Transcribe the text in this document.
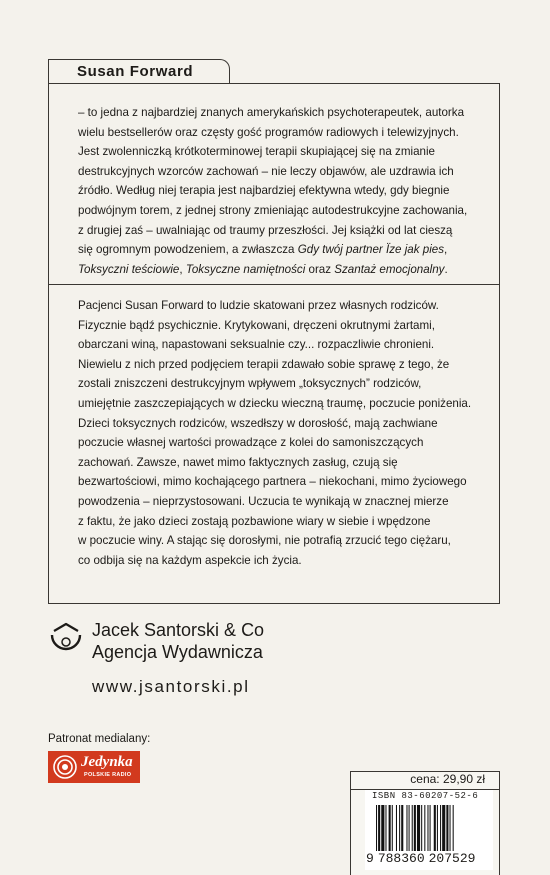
Susan Forward

– to jedna z najbardziej znanych amerykańskich psychoterapeutek, autorka
wielu bestsellerów oraz częsty gość programów radiowych i telewizyjnych.
Jest zwolenniczką krótkoterminowej terapii skupiającej się na zmianie
destrukcyjnych wzorców zachowań – nie leczy objawów, ale uzdrawia ich
źródło. Według niej terapia jest najbardziej efektywna wtedy, gdy biegnie
podwójnym torem, z jednej strony zmieniając autodestrukcyjne zachowania,
z drugiej zaś – uwalniając od traumy przeszłości. Jej książki od lat cieszą
się ogromnym powodzeniem, a zwłaszcza Gdy twój partner Ïze jak pies,
Toksyczni teściowie, Toksyczne namiętności oraz Szantaż emocjonalny.

Pacjenci Susan Forward to ludzie skatowani przez własnych rodziców.
Fizycznie bądź psychicznie. Krytykowani, dręczeni okrutnymi żartami,
obarczani winą, napastowani seksualnie czy... rozpaczliwie chronieni.
Niewielu z nich przed podjęciem terapii zdawało sobie sprawę z tego, że
zostali zniszczeni destrukcyjnym wpływem „toksycznych” rodziców,
umiejętnie zaszczepiających w dziecku wieczną traumę, poczucie poniżenia.
Dzieci toksycznych rodziców, wszedłszy w dorosłość, mają zachwiane
poczucie własnej wartości prowadzące z kolei do samoniszczących
zachowań. Zawsze, nawet mimo faktycznych zasług, czują się
bezwartościowi, mimo kochającego partnera – niekochani, mimo życiowego
powodzenia – nieprzystosowani. Uczucia te wynikają w znacznej mierze
z faktu, że jako dzieci zostają pozbawione wiary w siebie i wpędzone
w poczucie winy. A stając się dorosłymi, nie potrafią zrzucić tego ciężaru,
co odbija się na każdym aspekcie ich życia.

Jacek Santorski & Co
Agencja Wydawnicza
www.jsantorski.pl
Patronat medialany:
Jedynka
POLSKIE RADIO	cena: 29,90 zł
ISBN 83-60207-52-6
9 788360 207529
